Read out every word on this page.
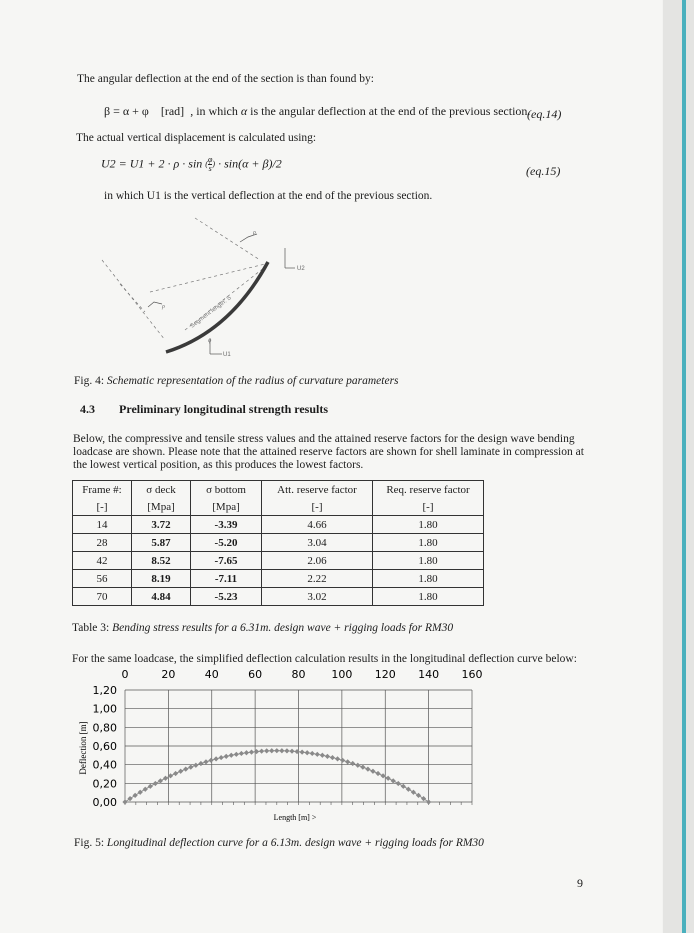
The angular deflection at the end of the section is than found by:
β = α + φ [rad] , in which α is the angular deflection at the end of the previous section.
(eq.14)
The actual vertical displacement is calculated using:
U2 = U1 + 2 · ρ · sin ( $\frac{\varphi}{s}$ ) · sin(α + β)/2
(eq.15)
in which U1 is the vertical deflection at the end of the previous section.
ρ
ρ
U2
U1
φ
Segment length: S
Fig. 4: Schematic representation of the radius of curvature parameters
4.3 Preliminary longitudinal strength results
Below, the compressive and tensile stress values and the attained reserve factors for the design wave bending
loadcase are shown. Please note that the attained reserve factors are shown for shell laminate in compression at
the lowest vertical position, as this produces the lowest factors.
Frame #:	σ deck	σ bottom	Att. reserve factor	Req. reserve factor
[-]	[Mpa]	[Mpa]	[-]	[-]
14	3.72	-3.39	4.66	1.80
28	5.87	-5.20	3.04	1.80
42	8.52	-7.65	2.06	1.80
56	8.19	-7.11	2.22	1.80
70	4.84	-5.23	3.02	1.80
Table 3: Bending stress results for a 6.31m. design wave + rigging loads for RM30
For the same loadcase, the simplified deflection calculation results in the longitudinal deflection curve below:
0	20	40	60	80 100 120 140 160
0,00
0,20
0,40
0,60
0,80
1,00
1,20
Length [m] >
Deflection [m]
Fig. 5: Longitudinal deflection curve for a 6.13m. design wave + rigging loads for RM30
9
